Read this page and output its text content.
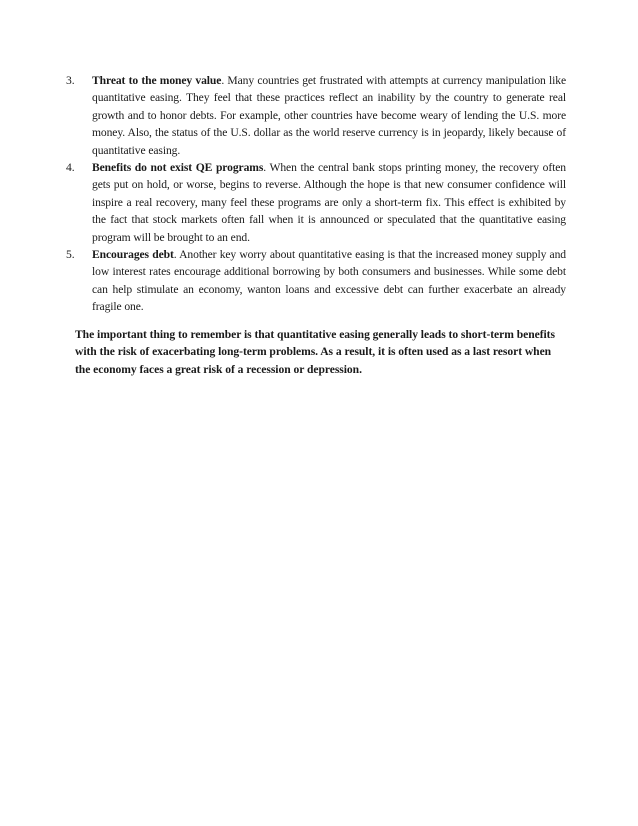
3. Threat to the money value. Many countries get frustrated with attempts at currency manipulation like quantitative easing. They feel that these practices reflect an inability by the country to generate real growth and to honor debts. For example, other countries have become weary of lending the U.S. more money. Also, the status of the U.S. dollar as the world reserve currency is in jeopardy, likely because of quantitative easing.
4. Benefits do not exist QE programs. When the central bank stops printing money, the recovery often gets put on hold, or worse, begins to reverse. Although the hope is that new consumer confidence will inspire a real recovery, many feel these programs are only a short-term fix. This effect is exhibited by the fact that stock markets often fall when it is announced or speculated that the quantitative easing program will be brought to an end.
5. Encourages debt. Another key worry about quantitative easing is that the increased money supply and low interest rates encourage additional borrowing by both consumers and businesses. While some debt can help stimulate an economy, wanton loans and excessive debt can further exacerbate an already fragile one.

The important thing to remember is that quantitative easing generally leads to short-term benefits with the risk of exacerbating long-term problems. As a result, it is often used as a last resort when the economy faces a great risk of a recession or depression.
